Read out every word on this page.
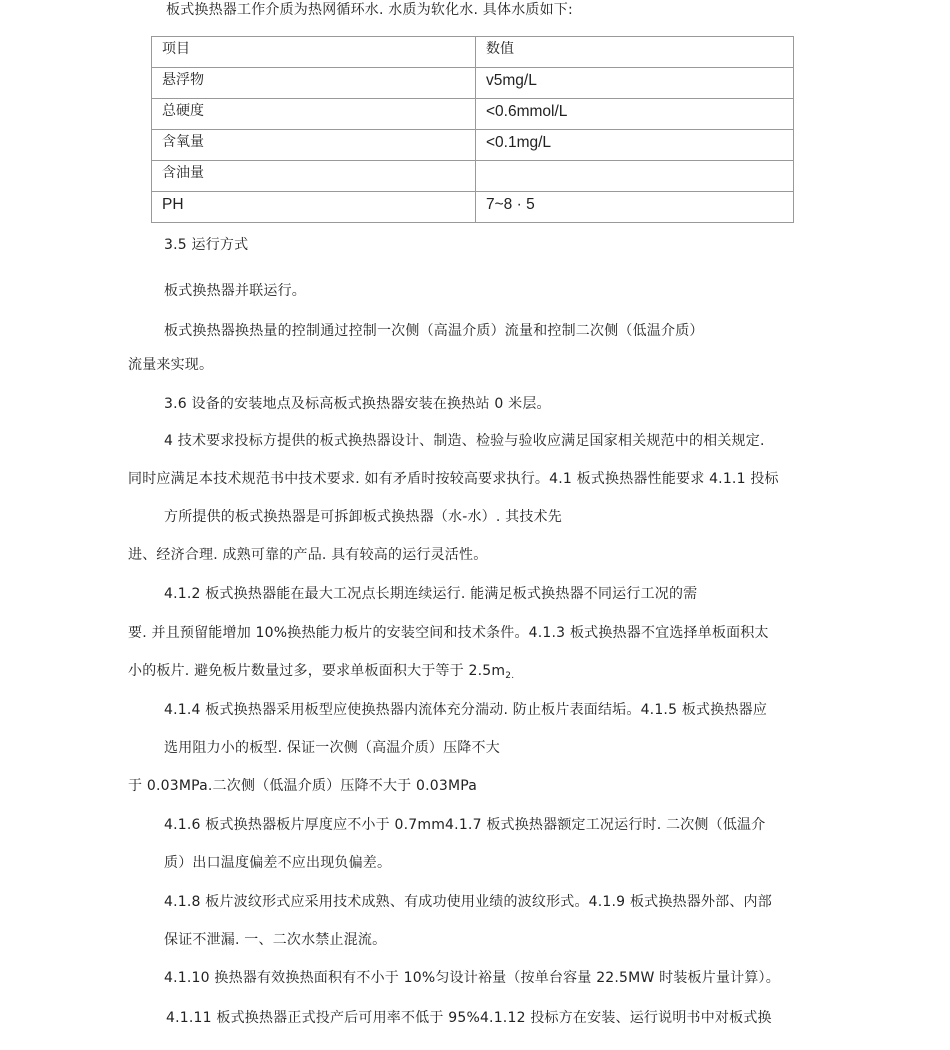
板式换热器工作介质为热网循环水. 水质为软化水. 具体水质如下:
项目	数值
悬浮物	v5mg/L
总硬度	<0.6mmol/L
含氧量	<0.1mg/L
含油量	
PH	7~8 · 5
3.5 运行方式
板式换热器并联运行。
板式换热器换热量的控制通过控制一次侧（高温介质）流量和控制二次侧（低温介质）
流量来实现。
3.6 设备的安装地点及标高板式换热器安装在换热站 0 米层。
4 技术要求投标方提供的板式换热器设计、制造、检验与验收应满足国家相关规范中的相关规定.
同时应满足本技术规范书中技术要求. 如有矛盾时按较高要求执行。4.1 板式换热器性能要求 4.1.1 投标
方所提供的板式换热器是可拆卸板式换热器（水-水）. 其技术先
进、经济合理. 成熟可靠的产品. 具有较高的运行灵活性。
4.1.2 板式换热器能在最大工况点长期连续运行. 能满足板式换热器不同运行工况的需
要. 并且预留能增加 10%换热能力板片的安装空间和技术条件。4.1.3 板式换热器不宜选择单板面积太
小的板片. 避免板片数量过多，要求单板面积大于等于 $2.5m_{2.}$
4.1.4 板式换热器采用板型应使换热器内流体充分湍动. 防止板片表面结垢。4.1.5 板式换热器应
选用阻力小的板型. 保证一次侧（高温介质）压降不大
于 0.03MPa.二次侧（低温介质）压降不大于 0.03MPa
4.1.6 板式换热器板片厚度应不小于 0.7mm4.1.7 板式换热器额定工况运行时. 二次侧（低温介
质）出口温度偏差不应出现负偏差。
4.1.8 板片波纹形式应采用技术成熟、有成功使用业绩的波纹形式。4.1.9 板式换热器外部、内部
保证不泄漏. 一、二次水禁止混流。
4.1.10 换热器有效换热面积有不小于 10%匀设计裕量（按单台容量 22.5MW 时装板片量计算）。
4.1.11 板式换热器正式投产后可用率不低于 95%4.1.12 投标方在安装、运行说明书中对板式换
